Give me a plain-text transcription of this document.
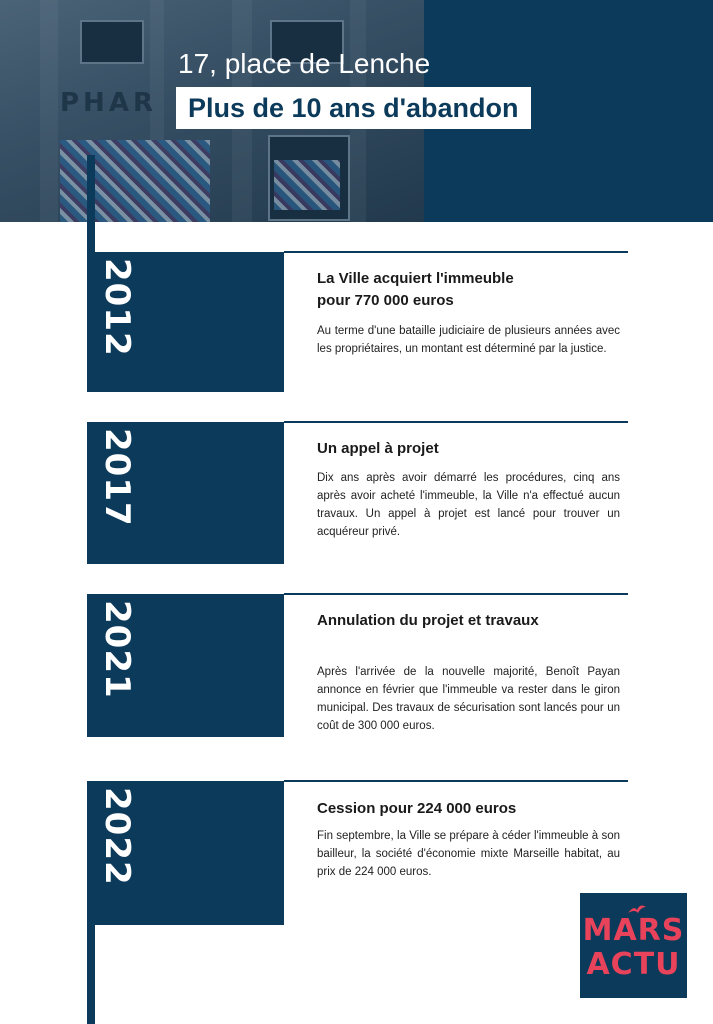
PHAR
17, place de Lenche
Plus de 10 ans d'abandon
2012	La Ville acquiert l'immeuble
pour 770 000 euros
Au terme d'une bataille judiciaire de plusieurs années avec les propriétaires, un montant est déterminé par la justice.
2017	Un appel à projet
Dix ans après avoir démarré les procédures, cinq ans après avoir acheté l'immeuble, la Ville n'a effectué aucun travaux. Un appel à projet est lancé pour trouver un acquéreur privé.
2021	Annulation du projet et travaux
Après l'arrivée de la nouvelle majorité, Benoît Payan annonce en février que l'immeuble va rester dans le giron municipal. Des travaux de sécurisation sont lancés pour un coût de 300 000 euros.
2022	Cession pour 224 000 euros
Fin septembre, la Ville se prépare à céder l'immeuble à son bailleur, la société d'économie mixte Marseille habitat, au prix de 224 000 euros.
MARS
ACTU
